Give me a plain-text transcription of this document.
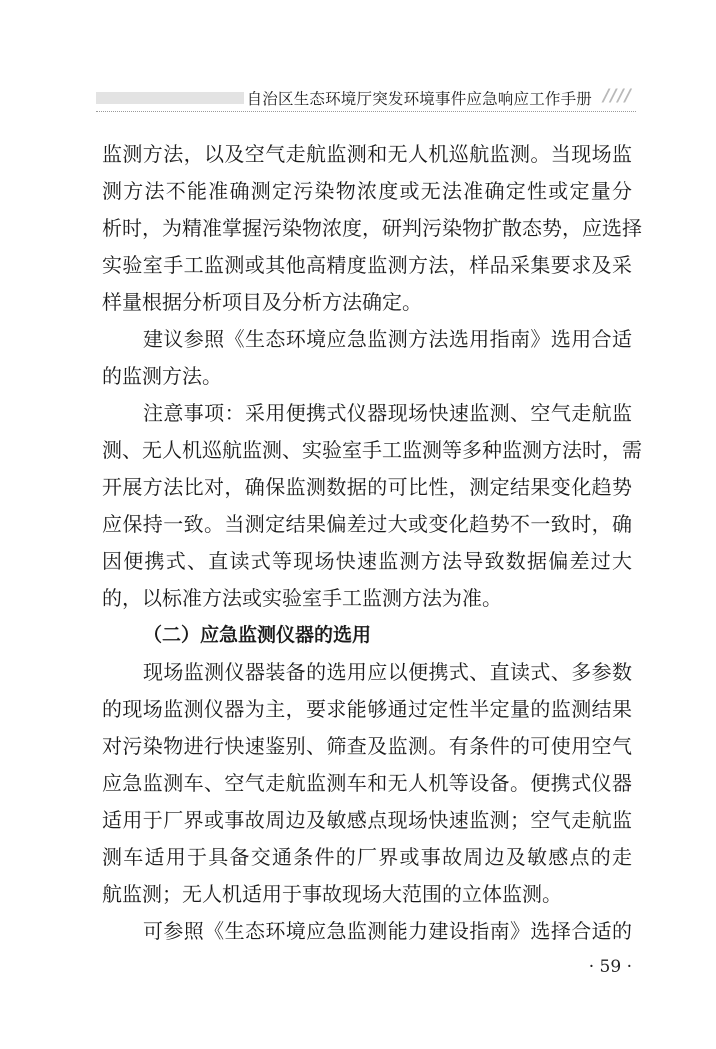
自治区生态环境厅突发环境事件应急响应工作手册 ////
监测方法，以及空气走航监测和无人机巡航监测。当现场监
测方法不能准确测定污染物浓度或无法准确定性或定量分
析时，为精准掌握污染物浓度，研判污染物扩散态势，应选择
实验室手工监测或其他高精度监测方法，样品采集要求及采
样量根据分析项目及分析方法确定。
建议参照《生态环境应急监测方法选用指南》选用合适
的监测方法。
注意事项：采用便携式仪器现场快速监测、空气走航监
测、无人机巡航监测、实验室手工监测等多种监测方法时，需
开展方法比对，确保监测数据的可比性，测定结果变化趋势
应保持一致。当测定结果偏差过大或变化趋势不一致时，确
因便携式、直读式等现场快速监测方法导致数据偏差过大
的，以标准方法或实验室手工监测方法为准。
（二）应急监测仪器的选用
现场监测仪器装备的选用应以便携式、直读式、多参数
的现场监测仪器为主，要求能够通过定性半定量的监测结果
对污染物进行快速鉴别、筛查及监测。有条件的可使用空气
应急监测车、空气走航监测车和无人机等设备。便携式仪器
适用于厂界或事故周边及敏感点现场快速监测；空气走航监
测车适用于具备交通条件的厂界或事故周边及敏感点的走
航监测；无人机适用于事故现场大范围的立体监测。
可参照《生态环境应急监测能力建设指南》选择合适的
· 59 ·
